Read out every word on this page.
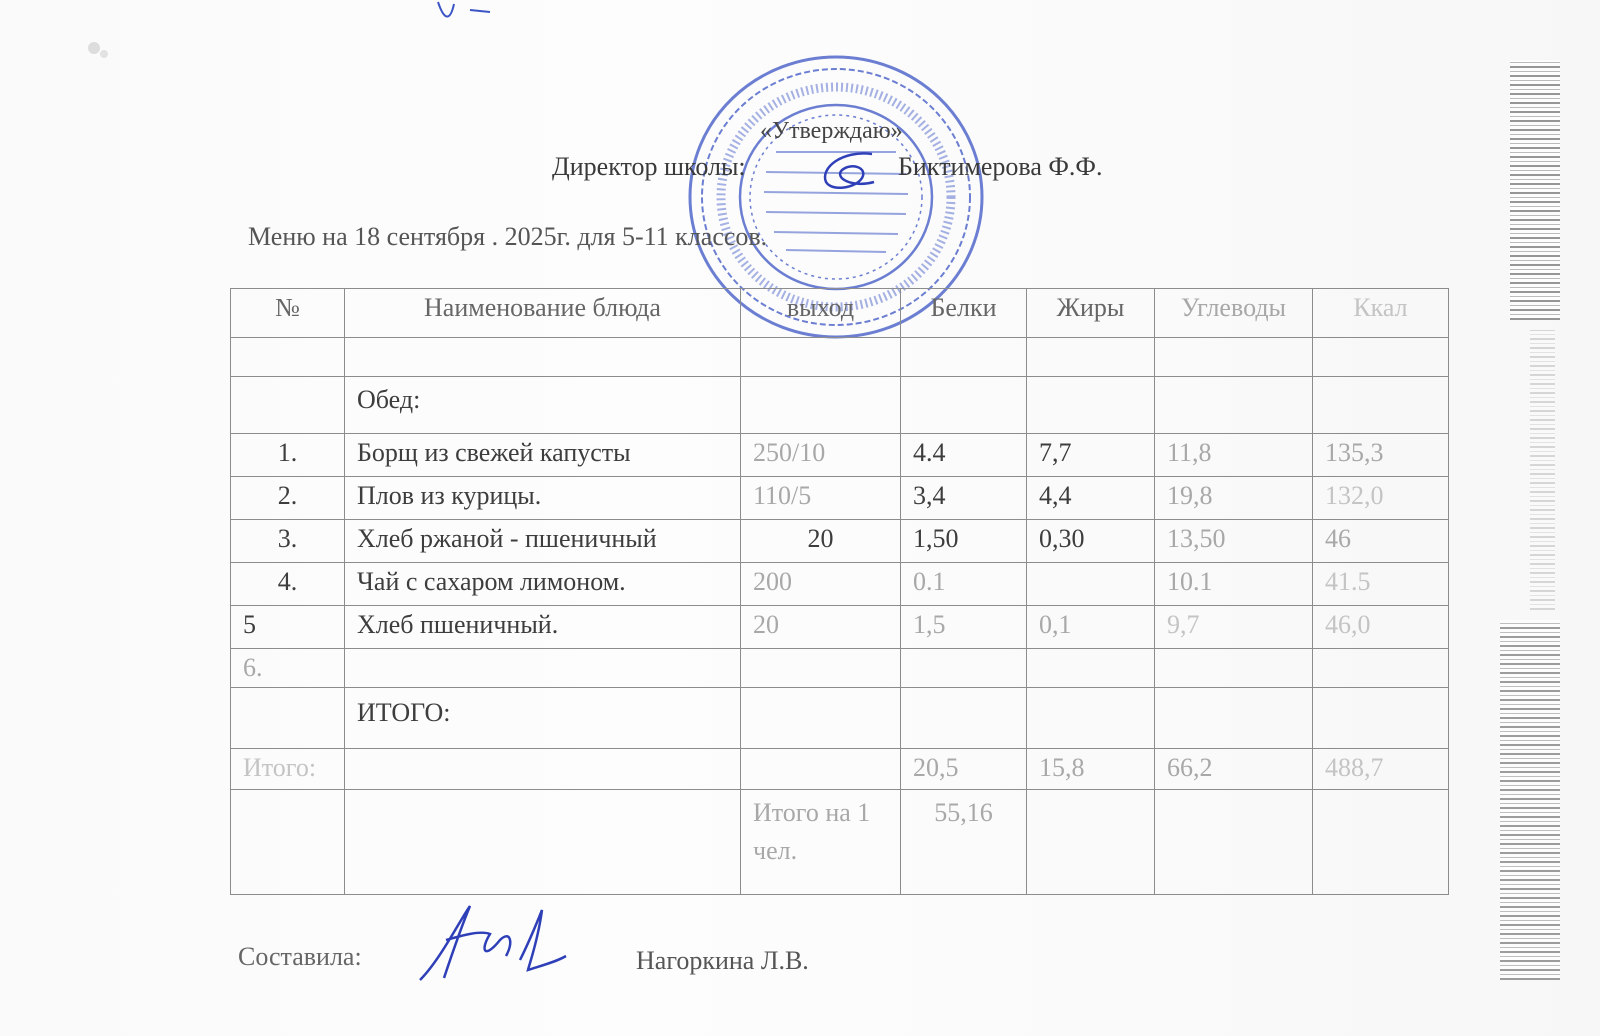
«Утверждаю»
Директор школы:	Биктимерова Ф.Ф.
Меню на 18 сентября . 2025г. для 5-11 классов.
№	Наименование блюда	выход	Белки	Жиры	Углеводы	Ккал

	Обед:					
1.	Борщ из свежей капусты	250/10	4.4	7,7	11,8	135,3
2.	Плов из курицы.	110/5	3,4	4,4	19,8	132,0
3.	Хлеб ржаной - пшеничный	20	1,50	0,30	13,50	46
4.	Чай с сахаром лимоном.	200	0.1		10.1	41.5
5	Хлеб пшеничный.	20	1,5	0,1	9,7	46,0
6.						
	ИТОГО:					
Итого:			20,5	15,8	66,2	488,7
		Итого на 1 чел.	55,16			
Составила:	Нагоркина Л.В.
